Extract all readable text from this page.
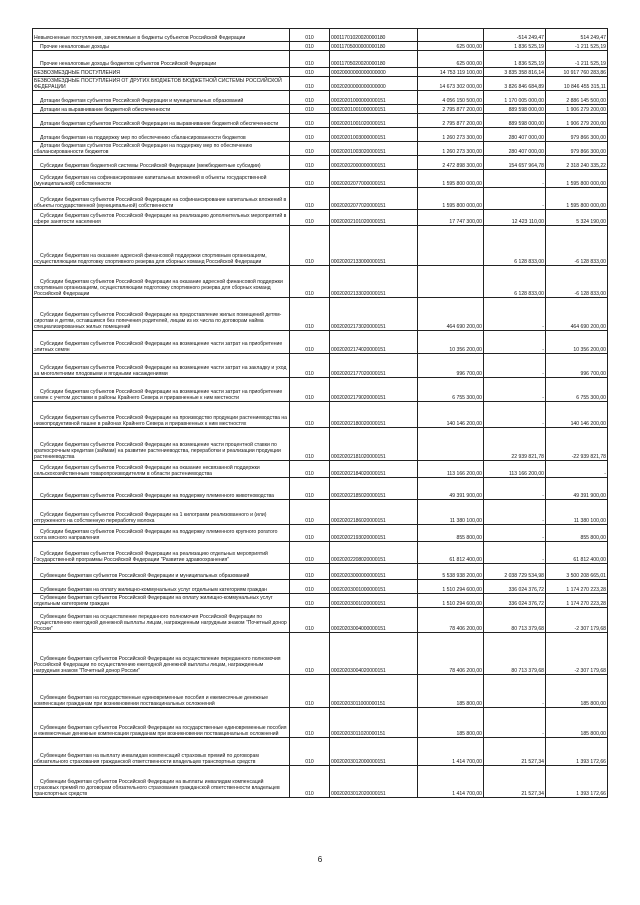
Невыясненные поступления, зачисляемые в бюджеты субъектов Российской Федерации	010	00011701020020000180		-514 249,47	514 249,47
Прочие неналоговые доходы	010	00011705000000000180	625 000,00	1 836 525,19	-1 211 525,19
Прочие неналоговые доходы бюджетов субъектов Российской Федерации	010	00011705020020000180	625 000,00	1 836 525,19	-1 211 525,19
БЕЗВОЗМЕЗДНЫЕ ПОСТУПЛЕНИЯ	010	00020000000000000000	14 753 119 100,00	3 835 358 816,14	10 917 760 283,86
БЕЗВОЗМЕЗДНЫЕ ПОСТУПЛЕНИЯ ОТ ДРУГИХ БЮДЖЕТОВ БЮДЖЕТНОЙ СИСТЕМЫ РОССИЙСКОЙ ФЕДЕРАЦИИ	010	00020200000000000000	14 673 302 000,00	3 826 846 684,89	10 846 455 315,11
Дотации бюджетам субъектов Российской Федерации и муниципальных образований	010	00020201000000000151	4 056 150 500,00	1 170 005 000,00	2 886 145 500,00
Дотации на выравнивание бюджетной обеспеченности	010	00020201001000000151	2 795 877 200,00	889 598 000,00	1 906 279 200,00
Дотации бюджетам субъектов Российской Федерации на выравнивание бюджетной обеспеченности	010	00020201001020000151	2 795 877 200,00	889 598 000,00	1 906 279 200,00
Дотации бюджетам на поддержку мер по обеспечению сбалансированности бюджетов	010	00020201003000000151	1 260 273 300,00	280 407 000,00	979 866 300,00
Дотации бюджетам субъектов Российской Федерации на поддержку мер по обеспечению сбалансированности бюджетов	010	00020201003020000151	1 260 273 300,00	280 407 000,00	979 866 300,00
Субсидии бюджетам бюджетной системы Российской Федерации (межбюджетные субсидии)	010	00020202000000000151	2 472 898 300,00	154 657 964,78	2 318 240 335,22
Субсидии бюджетам на софинансирование капитальных вложений в объекты государственной (муниципальной) собственности	010	00020202077000000151	1 595 800 000,00	-	1 595 800 000,00
Субсидии бюджетам субъектов Российской Федерации на софинансирование капитальных вложений в объекты государственной (муниципальной) собственности	010	00020202077020000151	1 595 800 000,00	-	1 595 800 000,00
Субсидии бюджетам субъектов Российской Федерации на реализацию дополнительных мероприятий в сфере занятости населения	010	00020202101020000151	17 747 300,00	12 423 110,00	5 324 190,00
Субсидии бюджетам на оказание адресной финансовой поддержки спортивным организациям, осуществляющим подготовку спортивного резерва для сборных команд Российской Федерации	010	00020202133000000151		6 128 833,00	-6 128 833,00
Субсидии бюджетам субъектов Российской Федерации на оказание адресной финансовой поддержки спортивным организациям, осуществляющим подготовку спортивного резерва для сборных команд Российской Федерации	010	00020202133020000151		6 128 833,00	-6 128 833,00
Субсидии бюджетам субъектов Российской Федерации на предоставление жилых помещений детям-сиротам и детям, оставшимся без попечения родителей, лицам из их числа по договорам найма специализированных жилых помещений	010	00020202173020000151	464 690 200,00	-	464 690 200,00
Субсидии бюджетам субъектов Российской Федерации на возмещение части затрат на приобретение элитных семян	010	00020202174020000151	10 356 200,00	-	10 356 200,00
Субсидии бюджетам субъектов Российской Федерации на возмещение части затрат на закладку и уход за многолетними плодовыми и ягодными насаждениями	010	00020202177020000151	996 700,00	-	996 700,00
Субсидии бюджетам субъектов Российской Федерации на возмещение части затрат на приобретение семян с учетом доставки в районы Крайнего Севера и приравненные к ним местности	010	00020202179020000151	6 755 300,00	-	6 755 300,00
Субсидии бюджетам субъектов Российской Федерации на производство продукции растениеводства на низкопродуктивной пашне в районах Крайнего Севера и приравненных к ним местностях	010	00020202180020000151	140 146 200,00	-	140 146 200,00
Субсидии бюджетам субъектов Российской Федерации на возмещение части процентной ставки по краткосрочным кредитам (займам) на развитие растениеводства, переработки и реализации продукции растениеводства	010	00020202181020000151		22 939 821,78	-22 939 821,78
Субсидии бюджетам субъектов Российской Федерации на оказание несвязанной поддержки сельскохозяйственным товаропроизводителям в области растениеводства	010	00020202184020000151	113 166 200,00	113 166 200,00	-
Субсидии бюджетам субъектов Российской Федерации на поддержку племенного животноводства	010	00020202185020000151	49 391 900,00	-	49 391 900,00
Субсидии бюджетам субъектов Российской Федерации на 1 килограмм реализованного и (или) отгруженного на собственную переработку молока	010	00020202186020000151	11 380 100,00	-	11 380 100,00
Субсидии бюджетам субъектов Российской Федерации на поддержку племенного крупного рогатого скота мясного направления	010	00020202193020000151	855 800,00	-	855 800,00
Субсидии бюджетам субъектов Российской Федерации на реализацию отдельных мероприятий Государственной программы Российской Федерации "Развитие здравоохранения"	010	00020202208020000151	61 812 400,00	-	61 812 400,00
Субвенции бюджетам субъектов Российской Федерации и муниципальных образований	010	00020203000000000151	5 538 938 200,00	2 038 729 534,98	3 500 208 665,01
Субвенции бюджетам на оплату жилищно-коммунальных услуг отдельным категориям граждан	010	00020203001000000151	1 510 294 600,00	336 024 376,72	1 174 270 223,28
Субвенции бюджетам субъектов Российской Федерации на оплату жилищно-коммунальных услуг отдельным категориям граждан	010	00020203001020000151	1 510 294 600,00	336 024 376,72	1 174 270 223,28
Субвенции бюджетам на осуществление переданного полномочия Российской Федерации по осуществлению ежегодной денежной выплаты лицам, награжденным нагрудным знаком "Почетный донор России"	010	00020203004000000151	78 406 200,00	80 713 379,68	-2 307 179,68
Субвенции бюджетам субъектов Российской Федерации на осуществление переданного полномочия Российской Федерации по осуществлению ежегодной денежной выплаты лицам, награжденным нагрудным знаком "Почетный донор России"	010	00020203004020000151	78 406 200,00	80 713 379,68	-2 307 179,68
Субвенции бюджетам на государственные единовременные пособия и ежемесячные денежные компенсации гражданам при возникновении поствакцинальных осложнений	010	00020203011000000151	185 800,00	-	185 800,00
Субвенции бюджетам субъектов Российской Федерации на государственные единовременные пособия и ежемесячные денежные компенсации гражданам при возникновении поствакцинальных осложнений	010	00020203011020000151	185 800,00	-	185 800,00
Субвенции бюджетам на выплату инвалидам компенсаций страховых премий по договорам обязательного страхования гражданской ответственности владельцев транспортных средств	010	00020203012000000151	1 414 700,00	21 527,34	1 393 172,66
Субвенции бюджетам субъектов Российской Федерации на выплаты инвалидам компенсаций страховых премий по договорам обязательного страхования гражданской ответственности владельцев транспортных средств	010	00020203012020000151	1 414 700,00	21 527,34	1 393 172,66
6
